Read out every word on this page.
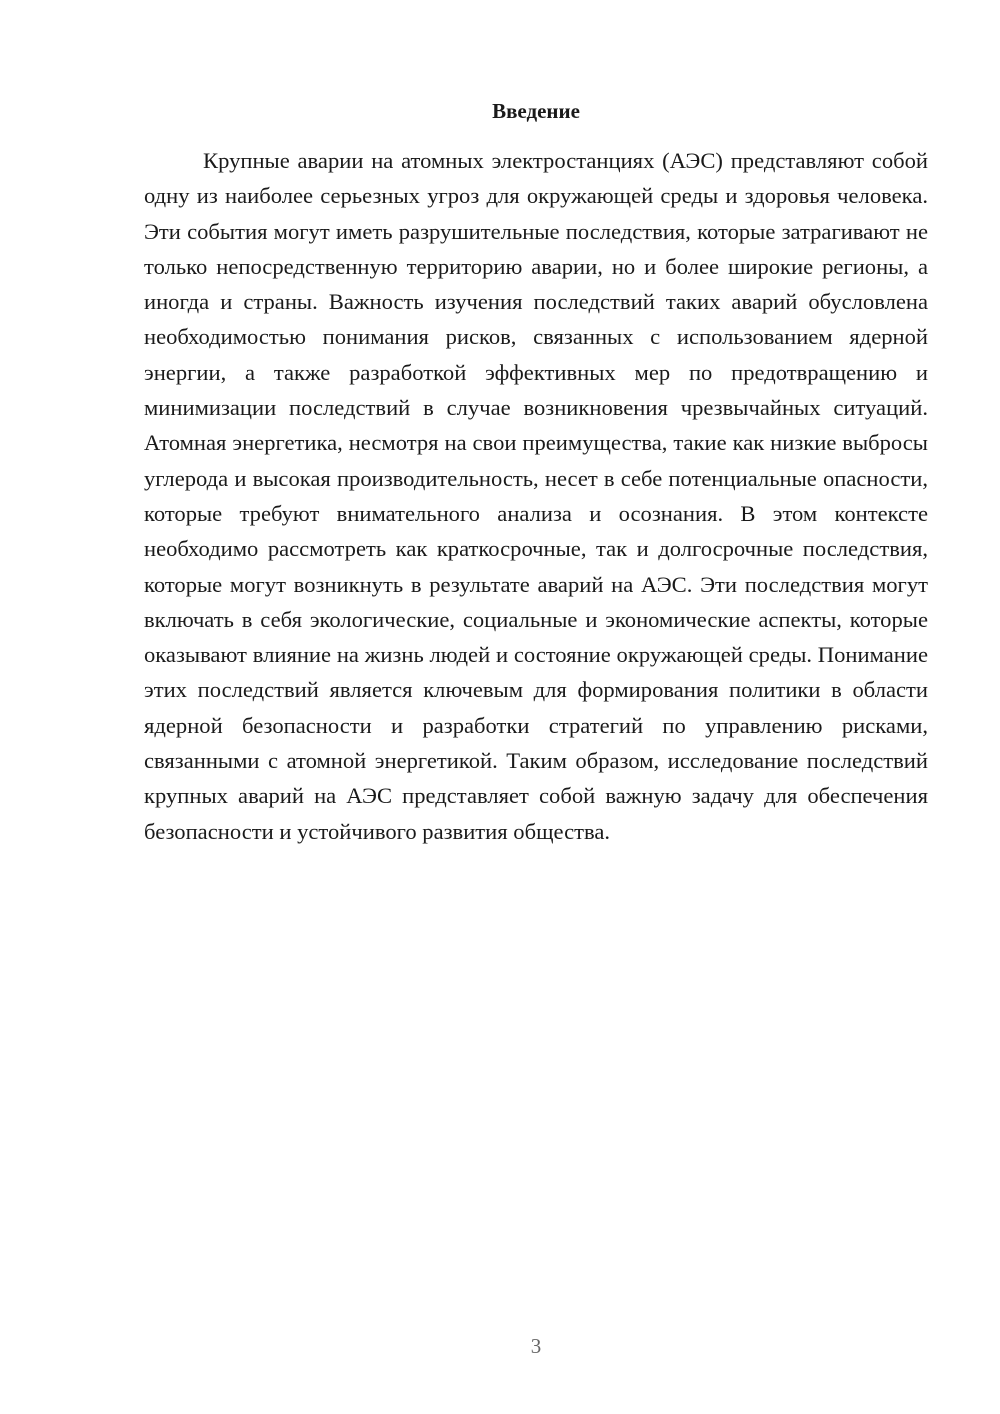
Введение

Крупные аварии на атомных электростанциях (АЭС) представляют собой одну из наиболее серьезных угроз для окружающей среды и здоровья человека. Эти события могут иметь разрушительные последствия, которые затрагивают не только непосредственную территорию аварии, но и более широкие регионы, а иногда и страны. Важность изучения последствий таких аварий обусловлена необходимостью понимания рисков, связанных с использованием ядерной энергии, а также разработкой эффективных мер по предотвращению и минимизации последствий в случае возникновения чрезвычайных ситуаций. Атомная энергетика, несмотря на свои преимущества, такие как низкие выбросы углерода и высокая производительность, несет в себе потенциальные опасности, которые требуют внимательного анализа и осознания. В этом контексте необходимо рассмотреть как краткосрочные, так и долгосрочные последствия, которые могут возникнуть в результате аварий на АЭС. Эти последствия могут включать в себя экологические, социальные и экономические аспекты, которые оказывают влияние на жизнь людей и состояние окружающей среды. Понимание этих последствий является ключевым для формирования политики в области ядерной безопасности и разработки стратегий по управлению рисками, связанными с атомной энергетикой. Таким образом, исследование последствий крупных аварий на АЭС представляет собой важную задачу для обеспечения безопасности и устойчивого развития общества.

3
